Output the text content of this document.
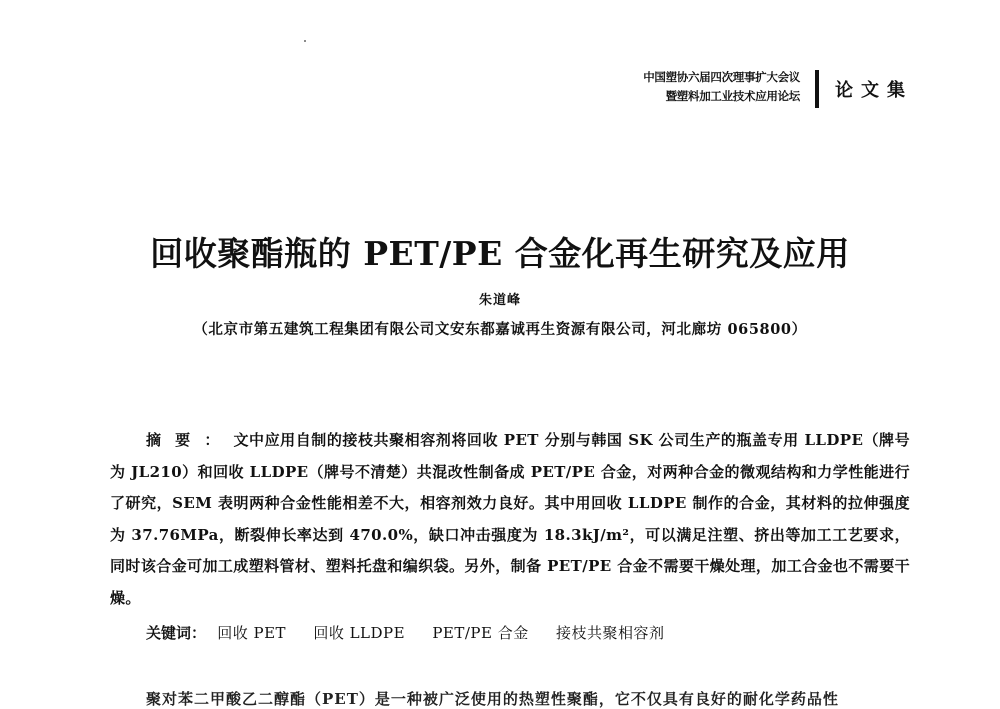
中国塑协六届四次理事扩大会议
暨塑料加工业技术应用论坛 论文集
回收聚酯瓶的 PET/PE 合金化再生研究及应用
朱道峰
（北京市第五建筑工程集团有限公司文安东都嘉诚再生资源有限公司，河北廊坊 065800）
摘要：文中应用自制的接枝共聚相容剂将回收 PET 分别与韩国 SK 公司生产的瓶盖专用 LLDPE（牌号为 JL210）和回收 LLDPE（牌号不清楚）共混改性制备成 PET/PE 合金，对两种合金的微观结构和力学性能进行了研究，SEM 表明两种合金性能相差不大，相容剂效力良好。其中用回收 LLDPE 制作的合金，其材料的拉伸强度为 37.76MPa，断裂伸长率达到 470.0%，缺口冲击强度为 18.3kJ/m²，可以满足注塑、挤出等加工工艺要求，同时该合金可加工成塑料管材、塑料托盘和编织袋。另外，制备 PET/PE 合金不需要干燥处理，加工合金也不需要干燥。
关键词： 回收 PET 回收 LLDPE PET/PE 合金 接枝共聚相容剂
聚对苯二甲酸乙二醇酯（PET）是一种被广泛使用的热塑性聚酯，它不仅具有良好的耐化学药品性
